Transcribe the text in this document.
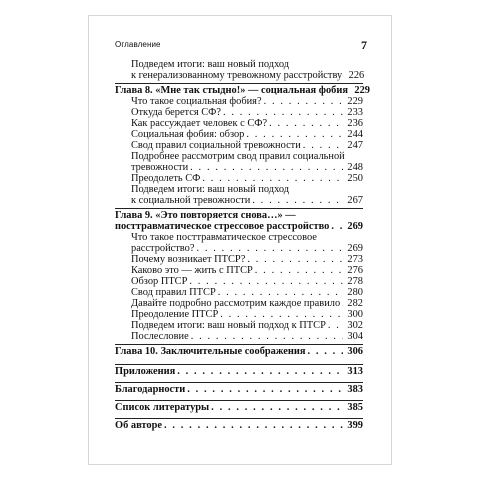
Оглавление	7
Подведем итоги: ваш новый подход
к генерализованному тревожному расстройству 226
Глава 8. «Мне так стыдно!» — социальная фобия 229
Что такое социальная фобия? . . .	229
Откуда берется СФ? . . .	233
Как рассуждает человек с СФ? . . .	236
Социальная фобия: обзор . . .	244
Свод правил социальной тревожности . . .	247
Подробнее рассмотрим свод правил социальной
тревожности . . .	248
Преодолеть СФ . . .	250
Подведем итоги: ваш новый подход
к социальной тревожности . . .	267
Глава 9. «Это повторяется снова…» —
посттравматическое стрессовое расстройство . . . 269
Что такое посттравматическое стрессовое
расстройство? . . .	269
Почему возникает ПТСР? . . .	273
Каково это — жить с ПТСР . . .	276
Обзор ПТСР . . .	278
Свод правил ПТСР . . .	280
Давайте подробно рассмотрим каждое правило . . . 282
Преодоление ПТСР . . .	300
Подведем итоги: ваш новый подход к ПТСР . . . 302
Послесловие . . .	304
Глава 10. Заключительные соображения . . .	306
Приложения . . .	313
Благодарности . . .	383
Список литературы . . .	385
Об авторе . . .	399
